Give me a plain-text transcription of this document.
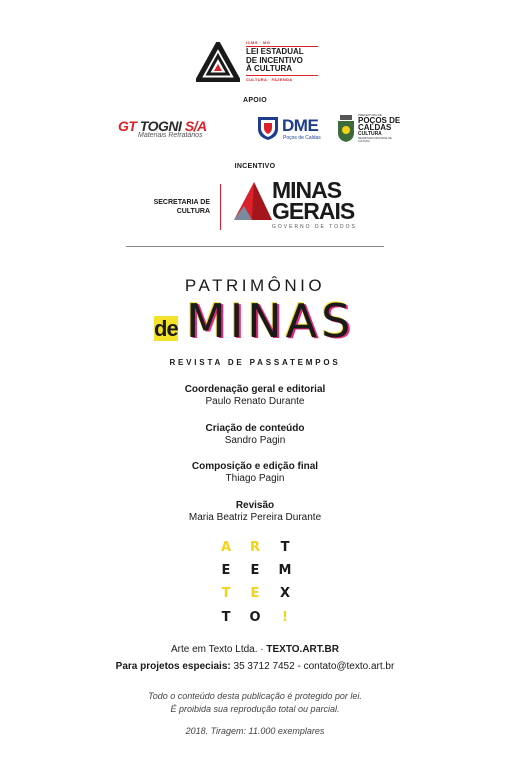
ICMS · MG
LEI ESTADUAL
DE INCENTIVO
À CULTURA
CULTURA · FAZENDA
APOIO
GT TOGNI S/A
Materiais Refratários
DME
Poços de Caldas
PREFEITURA DE
POÇOS DE
CALDAS
CULTURA
SECRETARIA MUNICIPAL DE CULTURA
INCENTIVO
SECRETARIA DE
CULTURA
MINAS
GERAIS
GOVERNO DE TODOS
PATRIMÔNIO
de MINAS
REVISTA DE PASSATEMPOS
Coordenação geral e editorial
Paulo Renato Durante
Criação de conteúdo
Sandro Pagin
Composição e edição final
Thiago Pagin
Revisão
Maria Beatriz Pereira Durante
A	R	T
E	E	M
T	E	X
T	O	!
Arte em Texto Ltda. · TEXTO.ART.BR
Para projetos especiais: 35 3712 7452 - contato@texto.art.br
Todo o conteúdo desta publicação é protegido por lei.
É proibida sua reprodução total ou parcial.
2018. Tiragem: 11.000 exemplares
